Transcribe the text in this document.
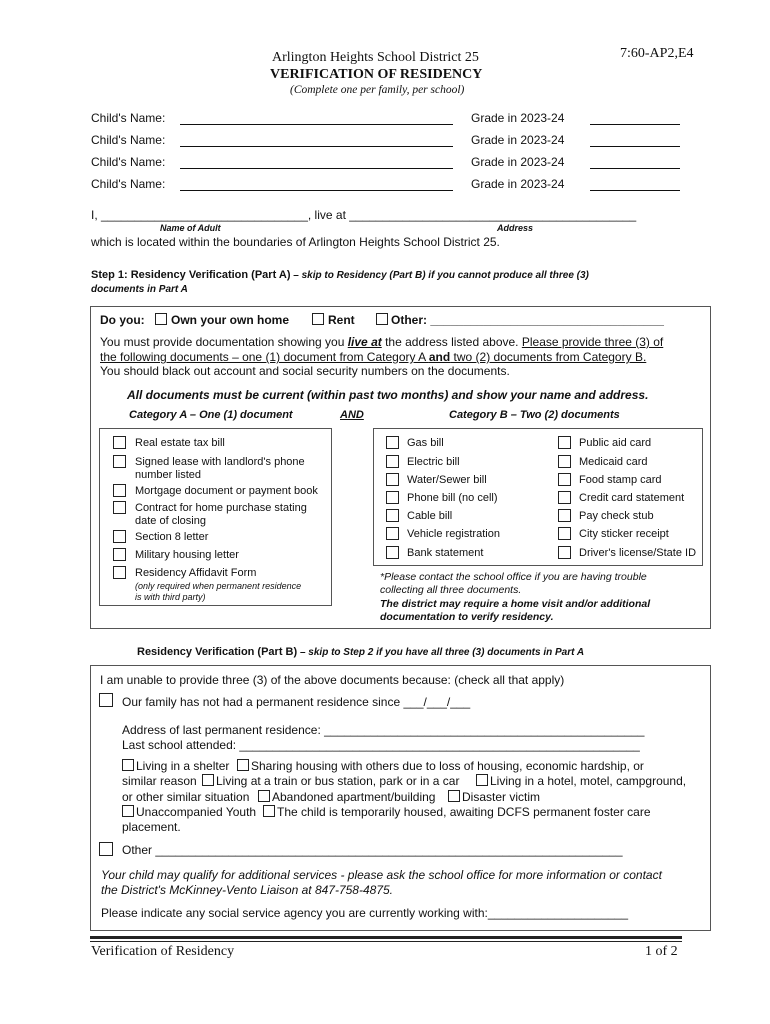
Arlington Heights School District 25	7:60-AP2,E4
VERIFICATION OF RESIDENCY
(Complete one per family, per school)
Child's Name:	Grade in 2023-24
Child's Name:	Grade in 2023-24
Child's Name:	Grade in 2023-24
Child's Name:	Grade in 2023-24
I, _______________________________, live at ___________________________________________
Name of Adult	Address
which is located within the boundaries of Arlington Heights School District 25.
Step 1: Residency Verification (Part A) – skip to Residency (Part B) if you cannot produce all three (3)
documents in Part A
Do you: Own your own home	Rent	Other: ___________________________________
You must provide documentation showing you live at the address listed above. Please provide three (3) of
the following documents – one (1) document from Category A and two (2) documents from Category B.
You should black out account and social security numbers on the documents.
All documents must be current (within past two months) and show your name and address.
Category A – One (1) document	AND	Category B – Two (2) documents
Real estate tax bill
Signed lease with landlord's phone
number listed
Mortgage document or payment book
Contract for home purchase stating
date of closing
Section 8 letter
Military housing letter
Residency Affidavit Form
(only required when permanent residence
is with third party)
Gas bill
Electric bill
Water/Sewer bill
Phone bill (no cell)
Cable bill
Vehicle registration
Bank statement
Public aid card
Medicaid card
Food stamp card
Credit card statement
Pay check stub
City sticker receipt
Driver's license/State ID
*Please contact the school office if you are having trouble
collecting all three documents.
The district may require a home visit and/or additional
documentation to verify residency.
Residency Verification (Part B) – skip to Step 2 if you have all three (3) documents in Part A
I am unable to provide three (3) of the above documents because: (check all that apply)
Our family has not had a permanent residence since ___/___/___
Address of last permanent residence: ________________________________________________
Last school attended: ____________________________________________________________
Living in a shelter Sharing housing with others due to loss of housing, economic hardship, or
similar reason Living at a train or bus station, park or in a car	Living in a hotel, motel, campground,
or other similar situation Abandoned apartment/building Disaster victim
Unaccompanied Youth The child is temporarily housed, awaiting DCFS permanent foster care
placement.
Other ______________________________________________________________________
Your child may qualify for additional services - please ask the school office for more information or contact
the District's McKinney-Vento Liaison at 847-758-4875.
Please indicate any social service agency you are currently working with:_____________________
Verification of Residency	1 of 2
